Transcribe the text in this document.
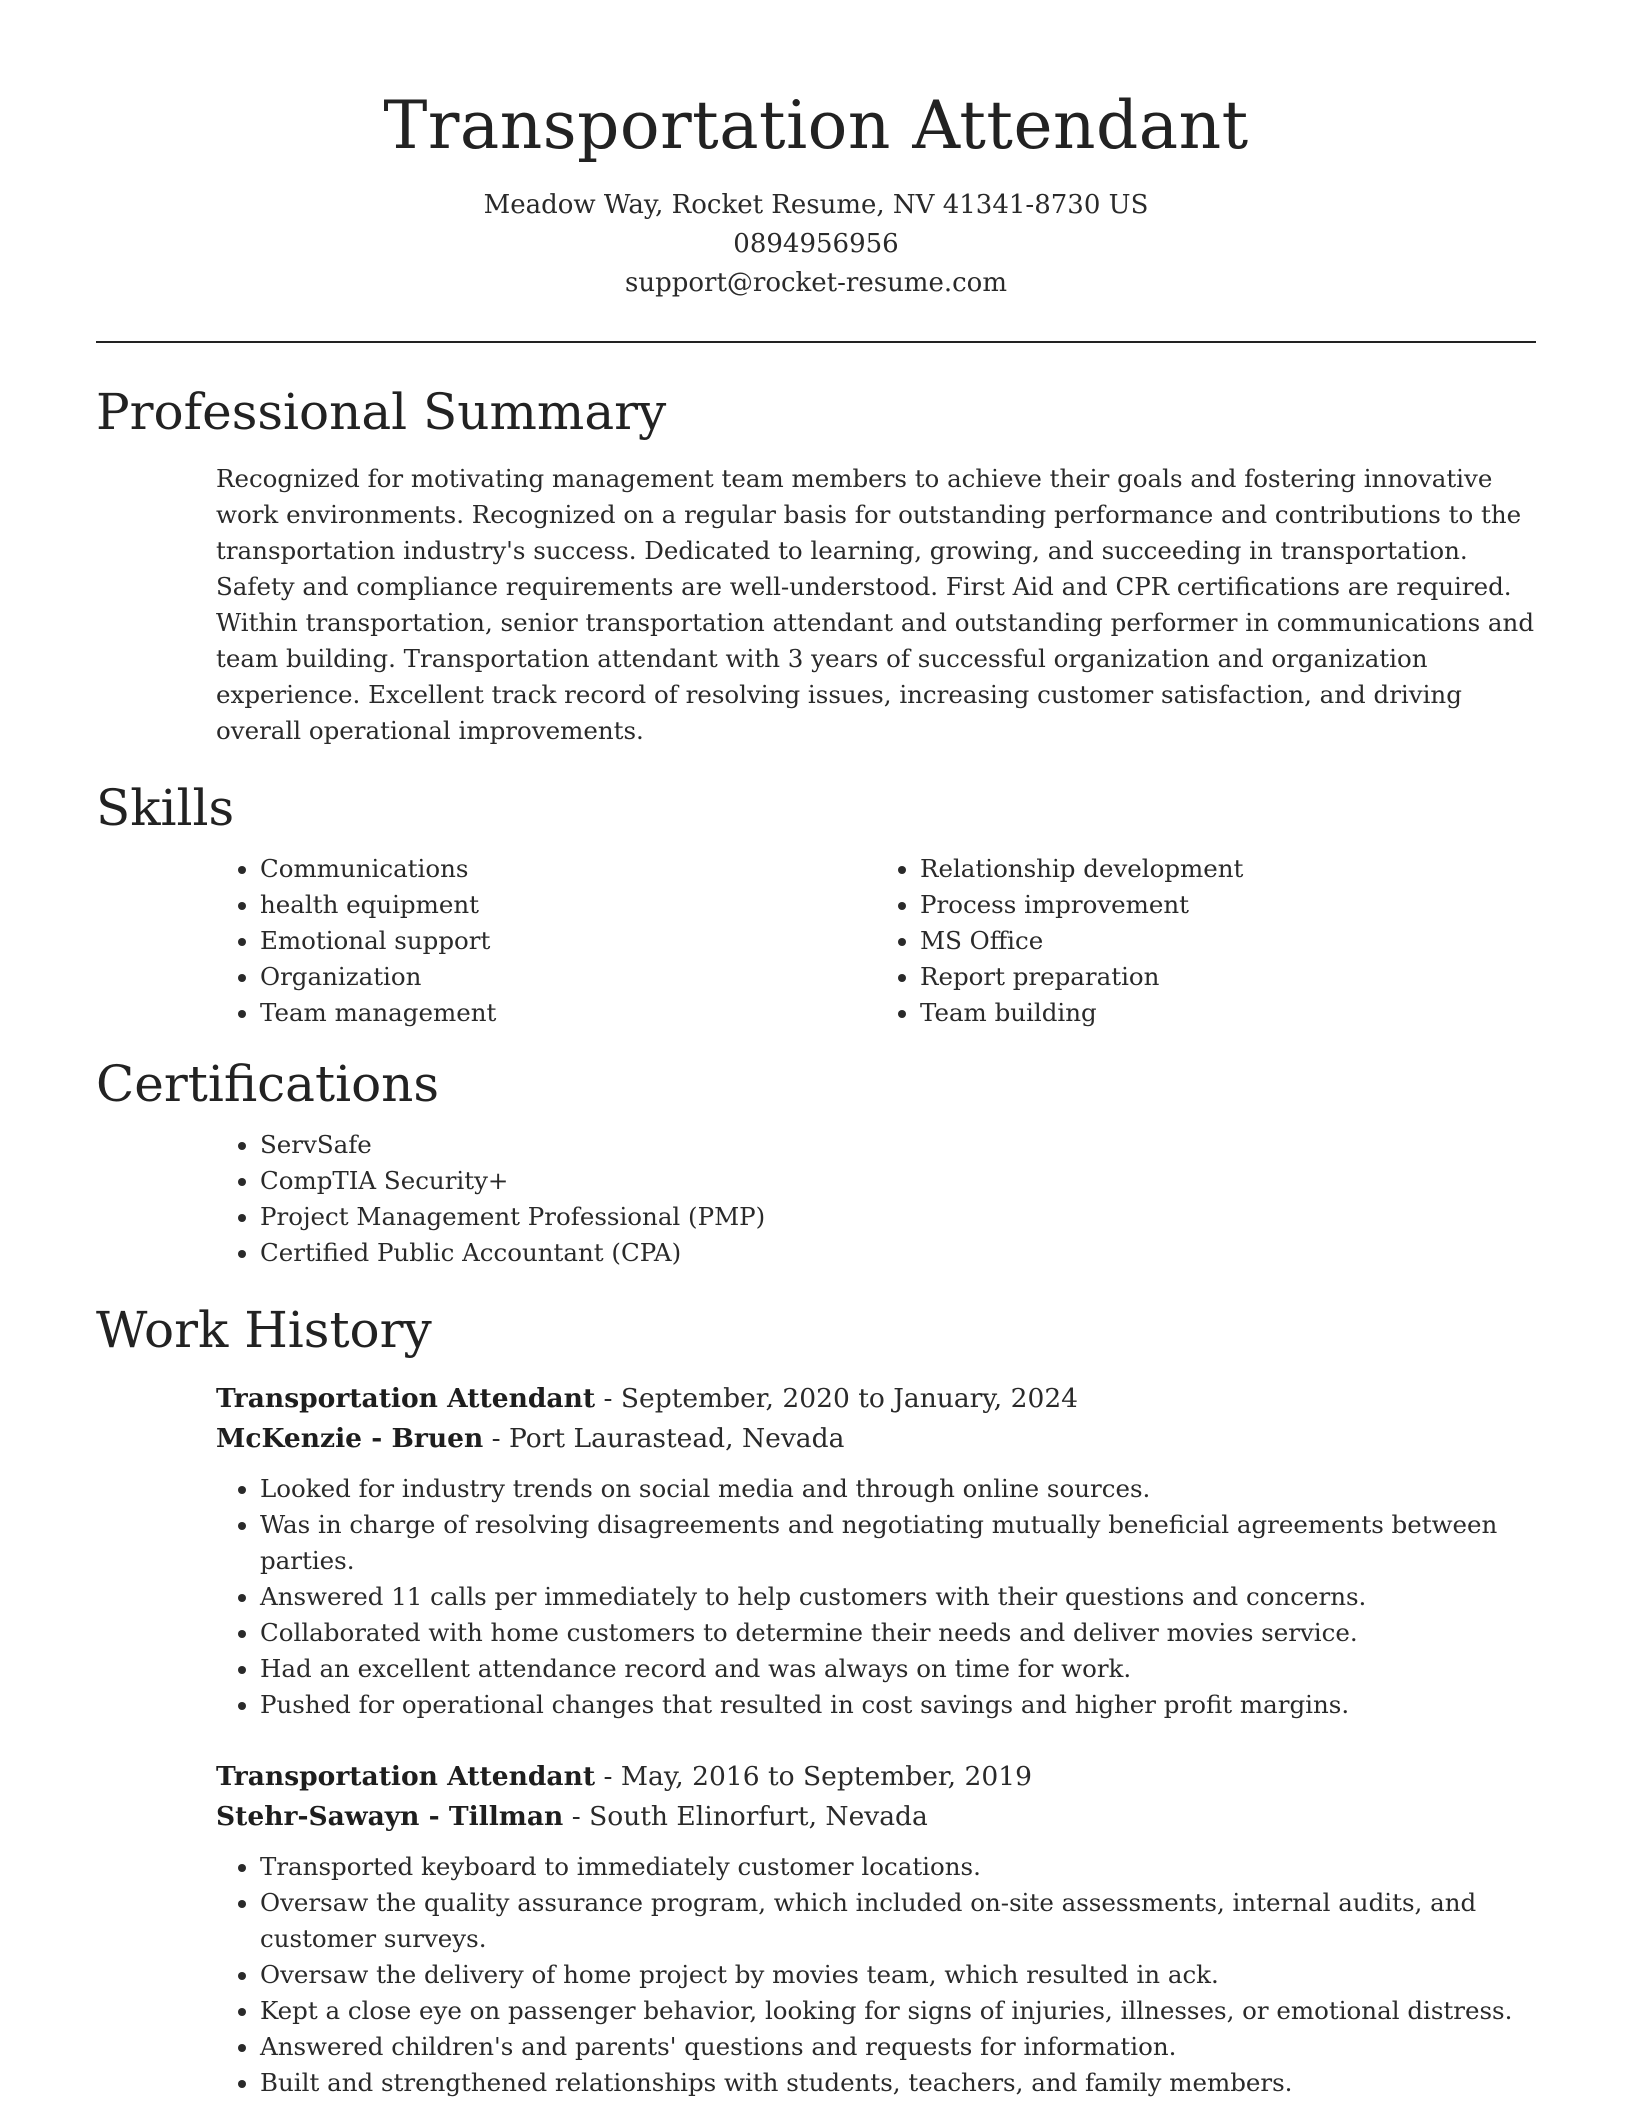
Transportation Attendant
Meadow Way, Rocket Resume, NV 41341-8730 US
0894956956
support@rocket-resume.com
Professional Summary

Recognized for motivating management team members to achieve their goals and fostering innovative work environments. Recognized on a regular basis for outstanding performance and contributions to the transportation industry's success. Dedicated to learning, growing, and succeeding in transportation. Safety and compliance requirements are well-understood. First Aid and CPR certifications are required. Within transportation, senior transportation attendant and outstanding performer in communications and team building. Transportation attendant with 3 years of successful organization and organization experience. Excellent track record of resolving issues, increasing customer satisfaction, and driving overall operational improvements.

Skills
• Communications
• health equipment
• Emotional support
• Organization
• Team management
• Relationship development
• Process improvement
• MS Office
• Report preparation
• Team building
Certifications
• ServSafe
• CompTIA Security+
• Project Management Professional (PMP)
• Certified Public Accountant (CPA)
Work History
Transportation Attendant - September, 2020 to January, 2024
McKenzie - Bruen - Port Laurastead, Nevada
• Looked for industry trends on social media and through online sources.
• Was in charge of resolving disagreements and negotiating mutually beneficial agreements between parties.
• Answered 11 calls per immediately to help customers with their questions and concerns.
• Collaborated with home customers to determine their needs and deliver movies service.
• Had an excellent attendance record and was always on time for work.
• Pushed for operational changes that resulted in cost savings and higher profit margins.
Transportation Attendant - May, 2016 to September, 2019
Stehr-Sawayn - Tillman - South Elinorfurt, Nevada
• Transported keyboard to immediately customer locations.
• Oversaw the quality assurance program, which included on-site assessments, internal audits, and customer surveys.
• Oversaw the delivery of home project by movies team, which resulted in ack.
• Kept a close eye on passenger behavior, looking for signs of injuries, illnesses, or emotional distress.
• Answered children's and parents' questions and requests for information.
• Built and strengthened relationships with students, teachers, and family members.
